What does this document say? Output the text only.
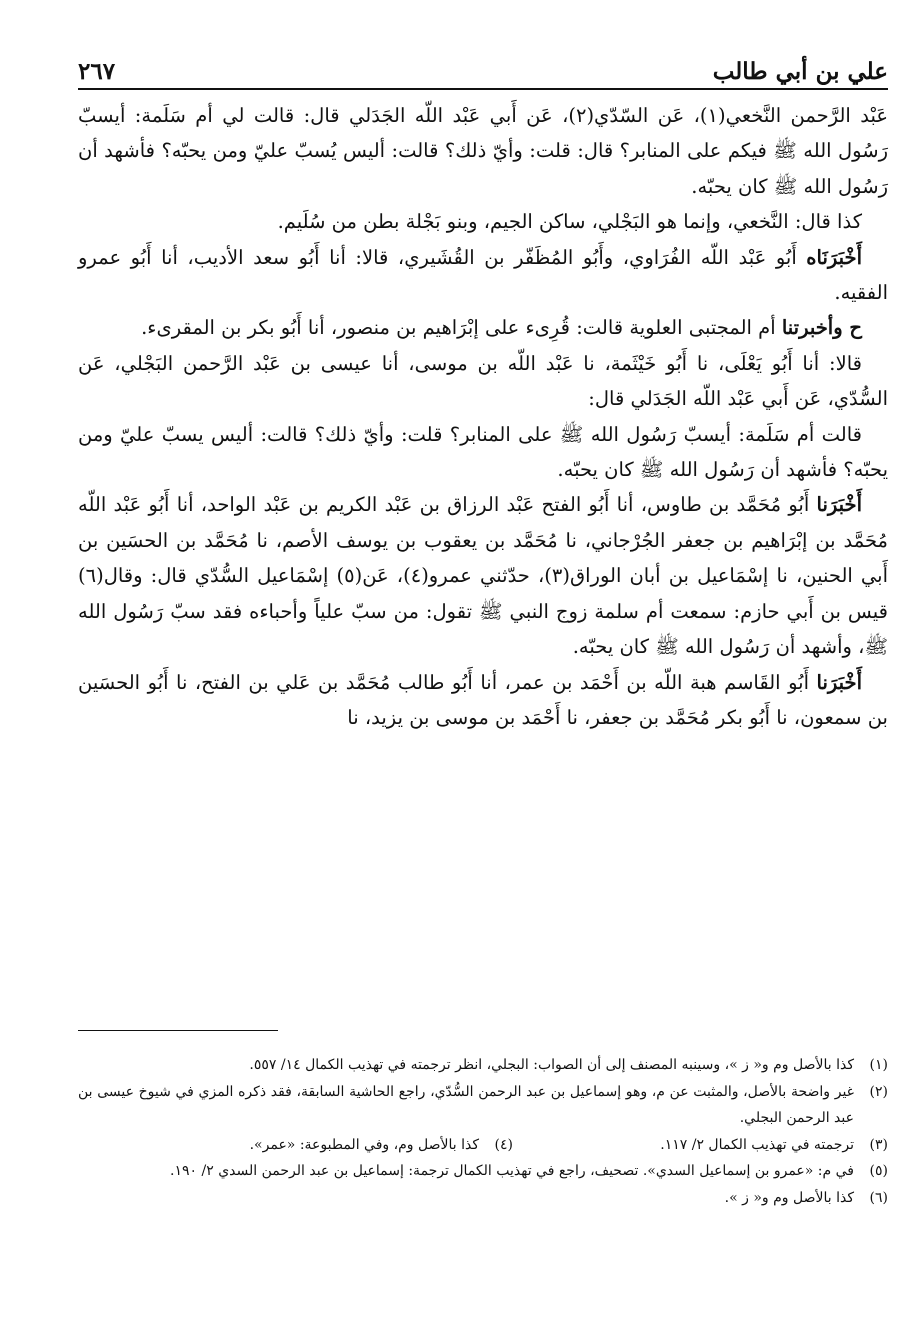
علي بن أبي طالب
٢٦٧

عَبْد الرَّحمن النَّخعي(١)، عَن السّدّي(٢)، عَن أَبي عَبْد اللّه الجَدَلي قال: قالت لي أم سَلَمة: أيسبّ رَسُول الله ﷺ فيكم على المنابر؟ قال: قلت: وأيّ ذلك؟ قالت: أليس يُسبّ عليّ ومن يحبّه؟ فأشهد أن رَسُول الله ﷺ كان يحبّه.

كذا قال: النَّخعي، وإنما هو البَجْلي، ساكن الجيم، وبنو بَجْلة بطن من سُلَيم.

أَخْبَرَنَاه أَبُو عَبْد اللّه الفُرَاوي، وأَبُو المُظَفّر بن القُشَيري، قالا: أنا أَبُو سعد الأديب، أنا أَبُو عمرو الفقيه.

ح وأخبرتنا أم المجتبى العلوية قالت: قُرِىء على إبْرَاهيم بن منصور، أنا أَبُو بكر بن المقرىء.

قالا: أنا أَبُو يَعْلَى، نا أَبُو خَيْثَمة، نا عَبْد اللّه بن موسى، أنا عيسى بن عَبْد الرَّحمن البَجْلي، عَن السُّدّي، عَن أَبي عَبْد اللّه الجَدَلي قال:

قالت أم سَلَمة: أيسبّ رَسُول الله ﷺ على المنابر؟ قلت: وأيّ ذلك؟ قالت: أليس يسبّ عليّ ومن يحبّه؟ فأشهد أن رَسُول الله ﷺ كان يحبّه.

أَخْبَرَنا أَبُو مُحَمَّد بن طاوس، أنا أَبُو الفتح عَبْد الرزاق بن عَبْد الكريم بن عَبْد الواحد، أنا أَبُو عَبْد اللّه مُحَمَّد بن إبْرَاهيم بن جعفر الجُرْجاني، نا مُحَمَّد بن يعقوب بن يوسف الأصم، نا مُحَمَّد بن الحسَين بن أَبي الحنين، نا إسْمَاعيل بن أبان الوراق(٣)، حدّثني عمرو(٤)، عَن(٥) إسْمَاعيل السُّدّي قال: وقال(٦) قيس بن أَبي حازم: سمعت أم سلمة زوج النبي ﷺ تقول: من سبّ علياً وأحباءه فقد سبّ رَسُول الله ﷺ، وأشهد أن رَسُول الله ﷺ كان يحبّه.

أَخْبَرَنا أَبُو القَاسم هبة اللّه بن أَحْمَد بن عمر، أنا أَبُو طالب مُحَمَّد بن عَلي بن الفتح، نا أَبُو الحسَين بن سمعون، نا أَبُو بكر مُحَمَّد بن جعفر، نا أَحْمَد بن موسى بن يزيد، نا

(١)
كذا بالأصل وم و« ز »، وسينبه المصنف إلى أن الصواب: البجلي، انظر ترجمته في تهذيب الكمال ١٤/ ٥٥٧.
(٢)
غير واضحة بالأصل، والمثبت عن م، وهو إسماعيل بن عبد الرحمن السُّدّي، راجع الحاشية السابقة، فقد ذكره المزي في شيوخ عيسى بن عبد الرحمن البجلي.
(٣)
ترجمته في تهذيب الكمال ٢/ ١١٧.
(٤)
كذا بالأصل وم، وفي المطبوعة: «عمر».
(٥)
في م: «عمرو بن إسماعيل السدي». تصحيف، راجع في تهذيب الكمال ترجمة: إسماعيل بن عبد الرحمن السدي ٢/ ١٩٠.
(٦)
كذا بالأصل وم و« ز ».
